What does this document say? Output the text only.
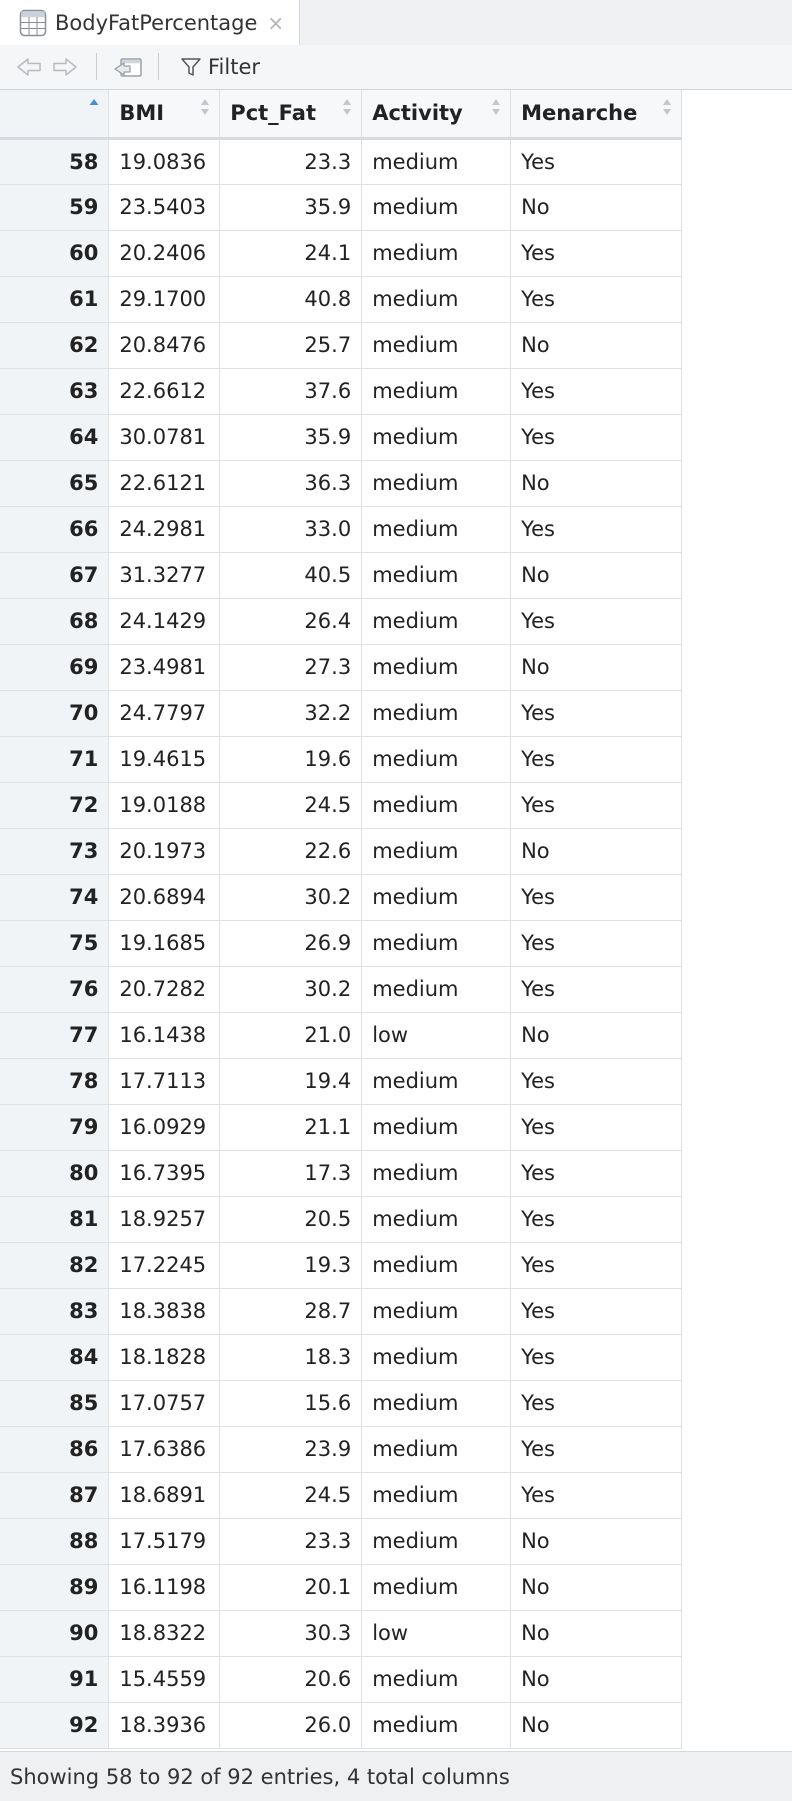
BodyFatPercentage ×
Filter
	BMI	Pct_Fat	Activity	Menarche

58	19.0836	23.3	medium	Yes
59	23.5403	35.9	medium	No
60	20.2406	24.1	medium	Yes
61	29.1700	40.8	medium	Yes
62	20.8476	25.7	medium	No
63	22.6612	37.6	medium	Yes
64	30.0781	35.9	medium	Yes
65	22.6121	36.3	medium	No
66	24.2981	33.0	medium	Yes
67	31.3277	40.5	medium	No
68	24.1429	26.4	medium	Yes
69	23.4981	27.3	medium	No
70	24.7797	32.2	medium	Yes
71	19.4615	19.6	medium	Yes
72	19.0188	24.5	medium	Yes
73	20.1973	22.6	medium	No
74	20.6894	30.2	medium	Yes
75	19.1685	26.9	medium	Yes
76	20.7282	30.2	medium	Yes
77	16.1438	21.0	low	No
78	17.7113	19.4	medium	Yes
79	16.0929	21.1	medium	Yes
80	16.7395	17.3	medium	Yes
81	18.9257	20.5	medium	Yes
82	17.2245	19.3	medium	Yes
83	18.3838	28.7	medium	Yes
84	18.1828	18.3	medium	Yes
85	17.0757	15.6	medium	Yes
86	17.6386	23.9	medium	Yes
87	18.6891	24.5	medium	Yes
88	17.5179	23.3	medium	No
89	16.1198	20.1	medium	No
90	18.8322	30.3	low	No
91	15.4559	20.6	medium	No
92	18.3936	26.0	medium	No
Showing 58 to 92 of 92 entries, 4 total columns
